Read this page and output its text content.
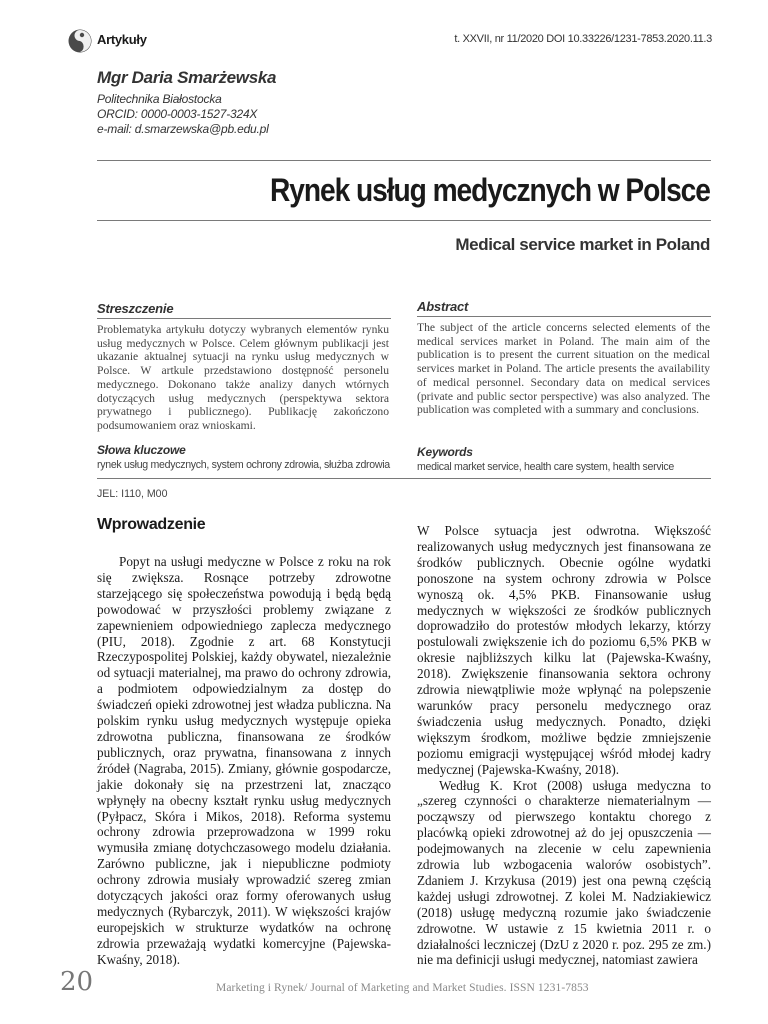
Artykuły	t. XXVII, nr 11/2020 DOI 10.33226/1231-7853.2020.11.3
Mgr Daria Smarżewska
Politechnika Białostocka
ORCID: 0000-0003-1527-324X
e-mail: d.smarzewska@pb.edu.pl
Rynek usług medycznych w Polsce
Medical service market in Poland
Streszczenie
Problematyka artykułu dotyczy wybranych elementów rynku usług medycznych w Polsce. Celem głównym publikacji jest ukazanie aktualnej sytuacji na rynku usług medycznych w Polsce. W artkule przedstawiono dostępność personelu medycznego. Dokonano także analizy danych wtórnych dotyczących usług medycznych (perspektywa sektora prywatnego i publicznego). Publikację zakończono podsumowaniem oraz wnioskami.
Słowa kluczowe
rynek usług medycznych, system ochrony zdrowia, służba zdrowia
Abstract
The subject of the article concerns selected elements of the medical services market in Poland. The main aim of the publication is to present the current situation on the medical services market in Poland. The article presents the availability of medical personnel. Secondary data on medical services (private and public sector perspective) was also analyzed. The publication was completed with a summary and conclusions.
Keywords
medical market service, health care system, health service
JEL: I110, M00
Wprowadzenie

Popyt na usługi medyczne w Polsce z roku na rok się zwiększa. Rosnące potrzeby zdrowotne starzejącego się społeczeństwa powodują i będą będą powodować w przyszłości problemy związane z zapewnieniem odpowiedniego zaplecza medycznego (PIU, 2018). Zgodnie z art. 68 Konstytucji Rzeczypospolitej Polskiej, każdy obywatel, niezależnie od sytuacji materialnej, ma prawo do ochrony zdrowia, a podmiotem odpowiedzialnym za dostęp do świadczeń opieki zdrowotnej jest władza publiczna. Na polskim rynku usług medycznych występuje opieka zdrowotna publiczna, finansowana ze środków publicznych, oraz prywatna, finansowana z innych źródeł (Nagraba, 2015). Zmiany, głównie gospodarcze, jakie dokonały się na przestrzeni lat, znacząco wpłynęły na obecny kształt rynku usług medycznych (Pyłpacz, Skóra i Mikos, 2018). Reforma systemu ochrony zdrowia przeprowadzona w 1999 roku wymusiła zmianę dotychczasowego modelu działania. Zarówno publiczne, jak i niepubliczne podmioty ochrony zdrowia musiały wprowadzić szereg zmian dotyczących jakości oraz formy oferowanych usług medycznych (Rybarczyk, 2011). W większości krajów europejskich w strukturze wydatków na ochronę zdrowia przeważają wydatki komercyjne (Pajewska-Kwaśny, 2018).

W Polsce sytuacja jest odwrotna. Większość realizowanych usług medycznych jest finansowana ze środków publicznych. Obecnie ogólne wydatki ponoszone na system ochrony zdrowia w Polsce wynoszą ok. 4,5% PKB. Finansowanie usług medycznych w większości ze środków publicznych doprowadziło do protestów młodych lekarzy, którzy postulowali zwiększenie ich do poziomu 6,5% PKB w okresie najbliższych kilku lat (Pajewska-Kwaśny, 2018). Zwiększenie finansowania sektora ochrony zdrowia niewątpliwie może wpłynąć na polepszenie warunków pracy personelu medycznego oraz świadczenia usług medycznych. Ponadto, dzięki większym środkom, możliwe będzie zmniejszenie poziomu emigracji występującej wśród młodej kadry medycznej (Pajewska-Kwaśny, 2018).

Według K. Krot (2008) usługa medyczna to „szereg czynności o charakterze niematerialnym — począwszy od pierwszego kontaktu chorego z placówką opieki zdrowotnej aż do jej opuszczenia — podejmowanych na zlecenie w celu zapewnienia zdrowia lub wzbogacenia walorów osobistych”. Zdaniem J. Krzykusa (2019) jest ona pewną częścią każdej usługi zdrowotnej. Z kolei M. Nadziakiewicz (2018) usługę medyczną rozumie jako świadczenie zdrowotne. W ustawie z 15 kwietnia 2011 r. o działalności leczniczej (DzU z 2020 r. poz. 295 ze zm.) nie ma definicji usługi medycznej, natomiast zawiera

20	Marketing i Rynek/ Journal of Marketing and Market Studies. ISSN 1231-7853
